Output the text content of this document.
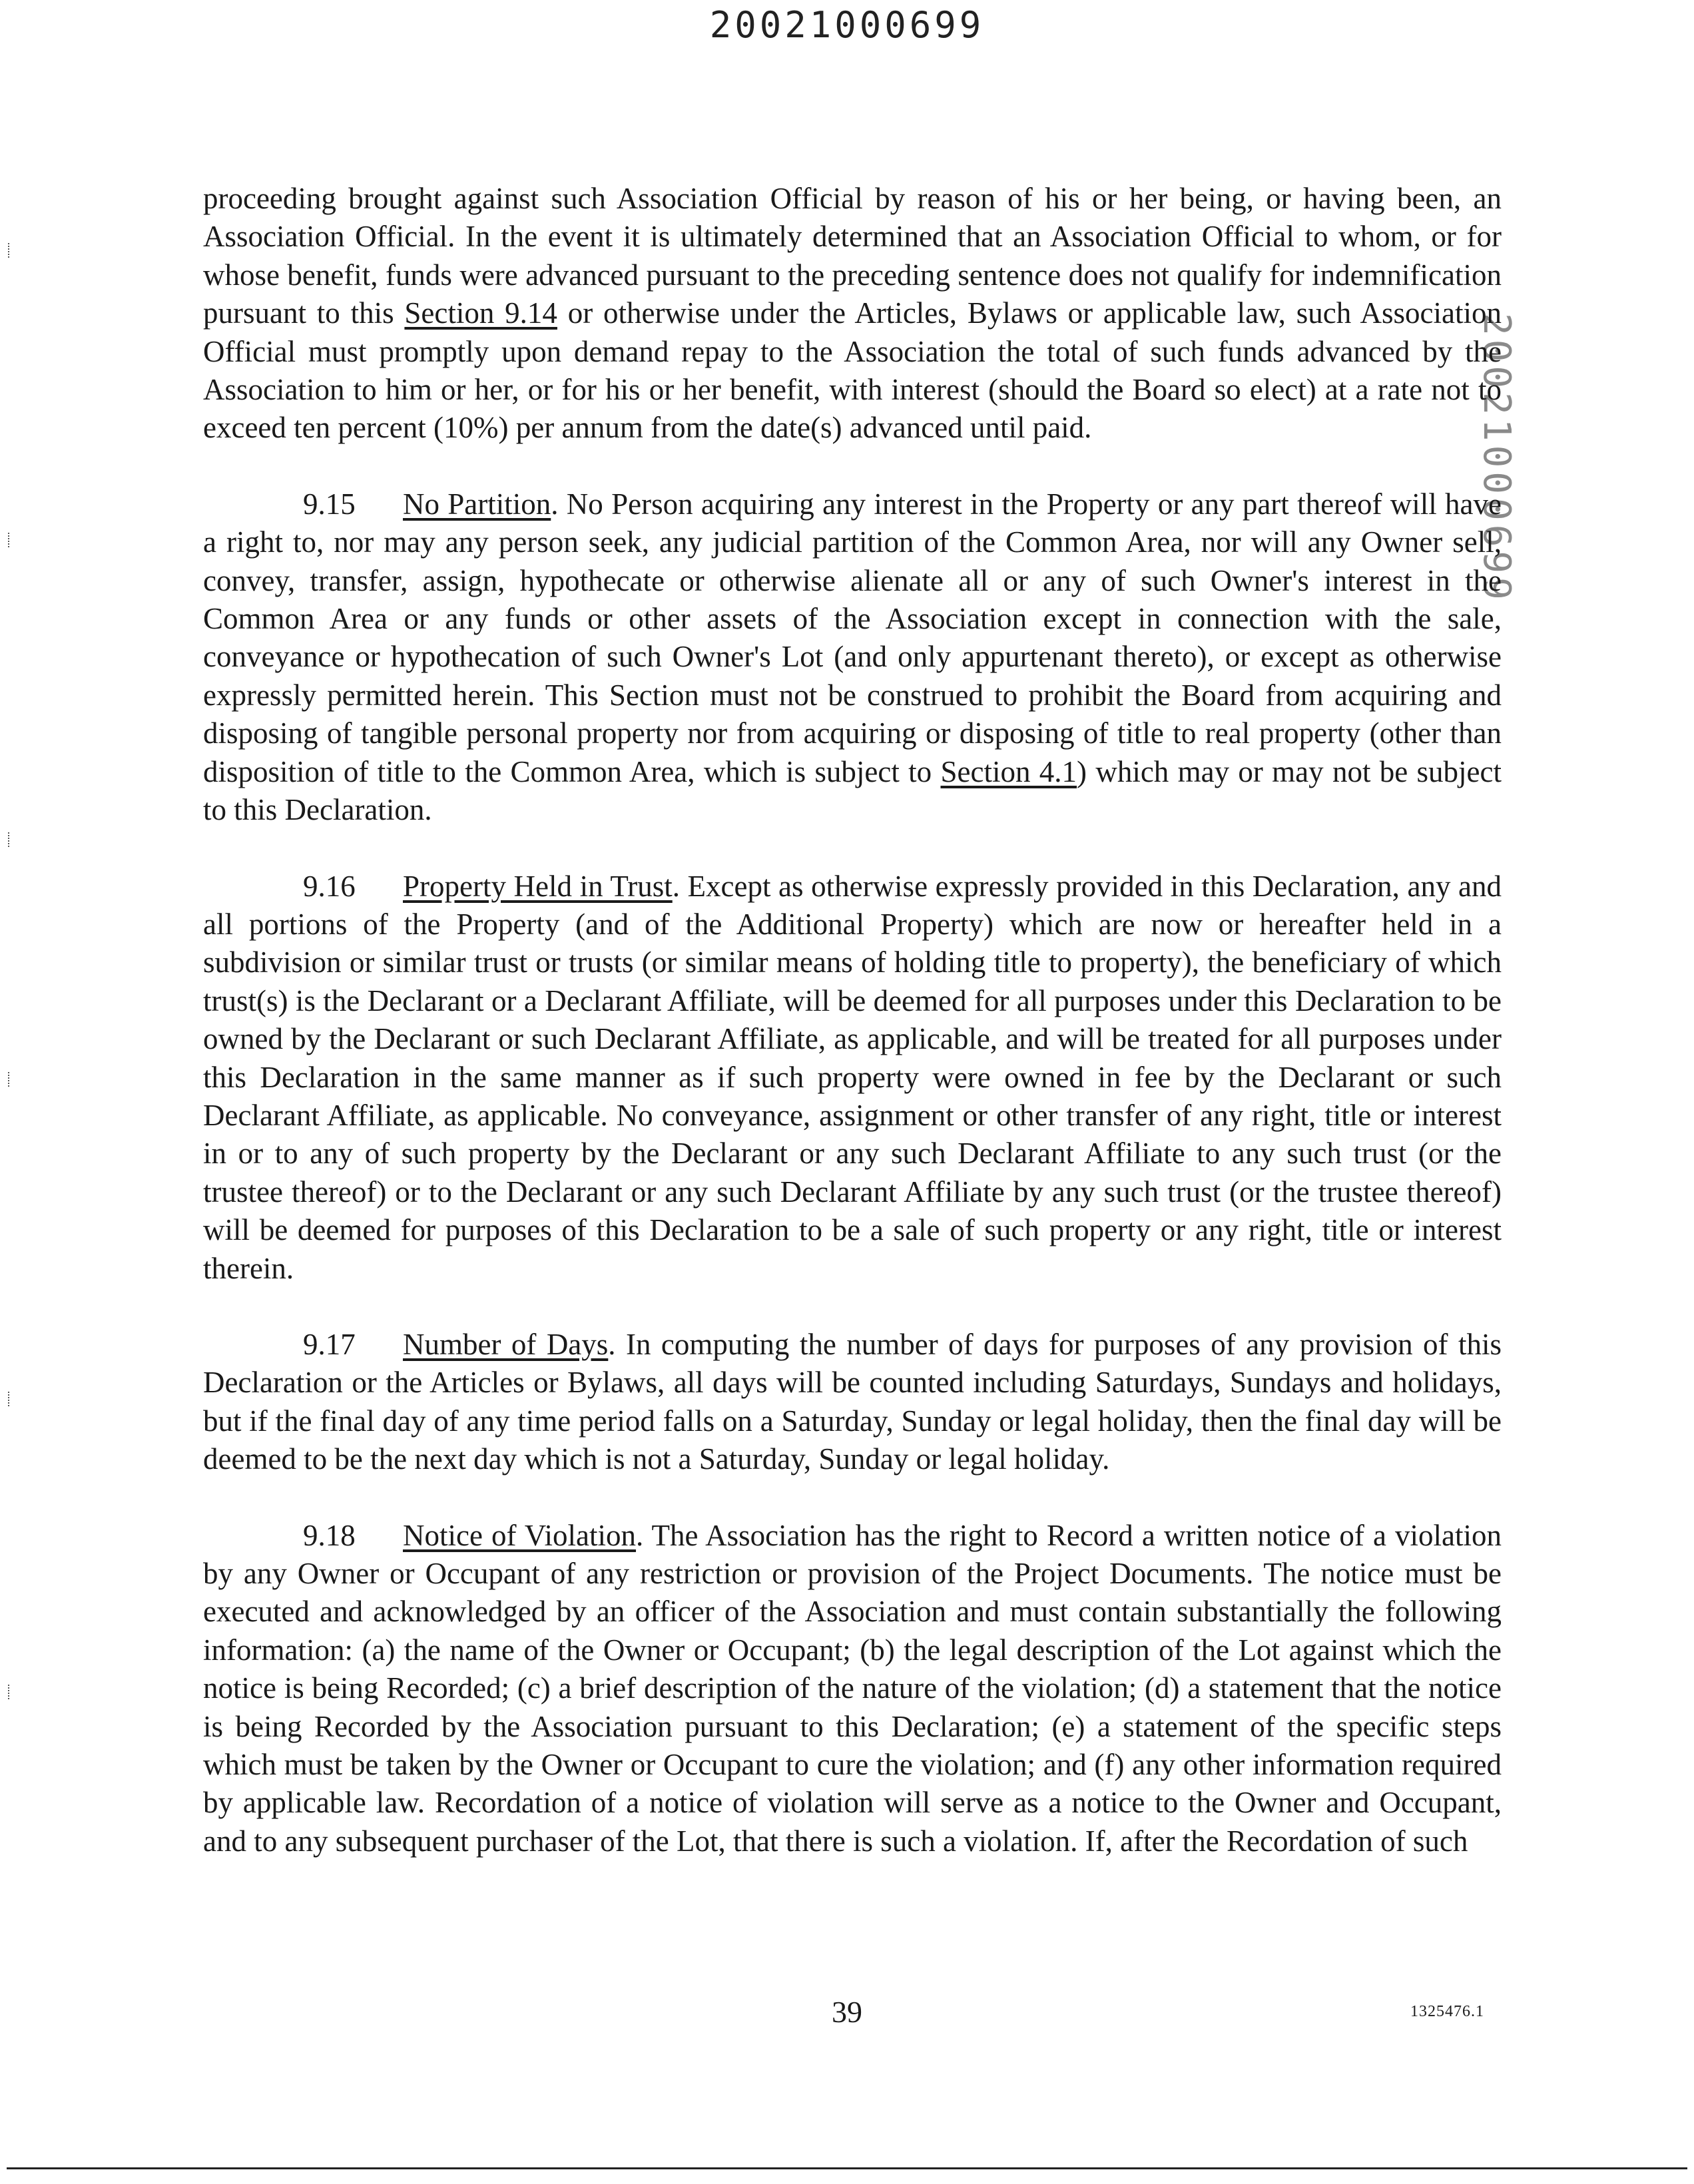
20021000699
20021000699

proceeding brought against such Association Official by reason of his or her being, or having been, an Association Official. In the event it is ultimately determined that an Association Official to whom, or for whose benefit, funds were advanced pursuant to the preceding sentence does not qualify for indemnification pursuant to this Section 9.14 or otherwise under the Articles, Bylaws or applicable law, such Association Official must promptly upon demand repay to the Association the total of such funds advanced by the Association to him or her, or for his or her benefit, with interest (should the Board so elect) at a rate not to exceed ten percent (10%) per annum from the date(s) advanced until paid.

9.15 No Partition. No Person acquiring any interest in the Property or any part thereof will have a right to, nor may any person seek, any judicial partition of the Common Area, nor will any Owner sell, convey, transfer, assign, hypothecate or otherwise alienate all or any of such Owner's interest in the Common Area or any funds or other assets of the Association except in connection with the sale, conveyance or hypothecation of such Owner's Lot (and only appurtenant thereto), or except as otherwise expressly permitted herein. This Section must not be construed to prohibit the Board from acquiring and disposing of tangible personal property nor from acquiring or disposing of title to real property (other than disposition of title to the Common Area, which is subject to Section 4.1) which may or may not be subject to this Declaration.

9.16 Property Held in Trust. Except as otherwise expressly provided in this Declaration, any and all portions of the Property (and of the Additional Property) which are now or hereafter held in a subdivision or similar trust or trusts (or similar means of holding title to property), the beneficiary of which trust(s) is the Declarant or a Declarant Affiliate, will be deemed for all purposes under this Declaration to be owned by the Declarant or such Declarant Affiliate, as applicable, and will be treated for all purposes under this Declaration in the same manner as if such property were owned in fee by the Declarant or such Declarant Affiliate, as applicable. No conveyance, assignment or other transfer of any right, title or interest in or to any of such property by the Declarant or any such Declarant Affiliate to any such trust (or the trustee thereof) or to the Declarant or any such Declarant Affiliate by any such trust (or the trustee thereof) will be deemed for purposes of this Declaration to be a sale of such property or any right, title or interest therein.

9.17 Number of Days. In computing the number of days for purposes of any provision of this Declaration or the Articles or Bylaws, all days will be counted including Saturdays, Sundays and holidays, but if the final day of any time period falls on a Saturday, Sunday or legal holiday, then the final day will be deemed to be the next day which is not a Saturday, Sunday or legal holiday.

9.18 Notice of Violation. The Association has the right to Record a written notice of a violation by any Owner or Occupant of any restriction or provision of the Project Documents. The notice must be executed and acknowledged by an officer of the Association and must contain substantially the following information: (a) the name of the Owner or Occupant; (b) the legal description of the Lot against which the notice is being Recorded; (c) a brief description of the nature of the violation; (d) a statement that the notice is being Recorded by the Association pursuant to this Declaration; (e) a statement of the specific steps which must be taken by the Owner or Occupant to cure the violation; and (f) any other information required by applicable law. Recordation of a notice of violation will serve as a notice to the Owner and Occupant, and to any subsequent purchaser of the Lot, that there is such a violation. If, after the Recordation of such

39	1325476.1
